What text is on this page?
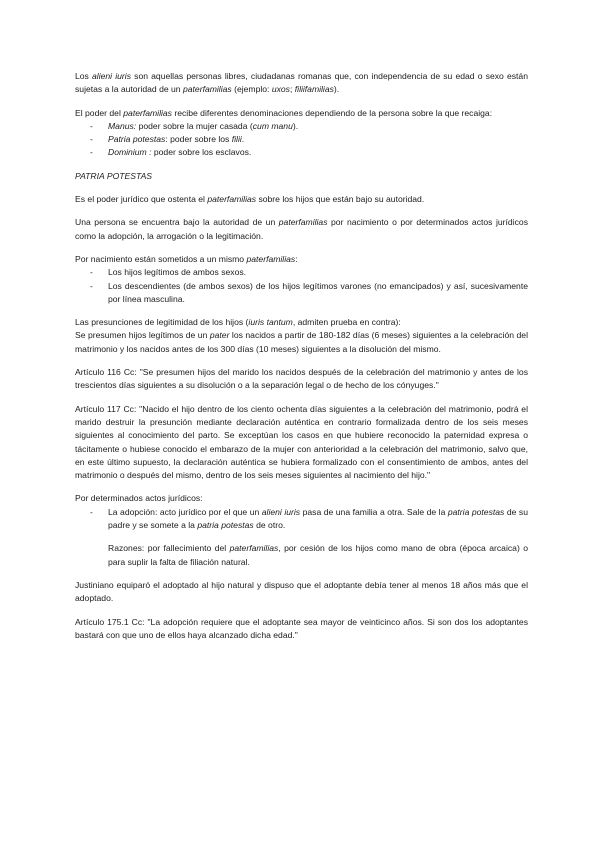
Los alieni iuris son aquellas personas libres, ciudadanas romanas que, con independencia de su edad o sexo están sujetas a la autoridad de un paterfamilias (ejemplo: uxos; filiifamilias).

El poder del paterfamilias recibe diferentes denominaciones dependiendo de la persona sobre la que recaiga:

- Manus: poder sobre la mujer casada (cum manu).
- Patria potestas: poder sobre los filii.
- Dominium : poder sobre los esclavos.

PATRIA POTESTAS

Es el poder jurídico que ostenta el paterfamilias sobre los hijos que están bajo su autoridad.

Una persona se encuentra bajo la autoridad de un paterfamilias por nacimiento o por determinados actos jurídicos como la adopción, la arrogación o la legitimación.

Por nacimiento están sometidos a un mismo paterfamilias:

- Los hijos legítimos de ambos sexos.
- Los descendientes (de ambos sexos) de los hijos legítimos varones (no emancipados) y así, sucesivamente por línea masculina.

Las presunciones de legitimidad de los hijos (iuris tantum, admiten prueba en contra):
Se presumen hijos legítimos de un pater los nacidos a partir de 180-182 días (6 meses) siguientes a la celebración del matrimonio y los nacidos antes de los 300 días (10 meses) siguientes a la disolución del mismo.

Artículo 116 Cc: "Se presumen hijos del marido los nacidos después de la celebración del matrimonio y antes de los trescientos días siguientes a su disolución o a la separación legal o de hecho de los cónyuges."

Artículo 117 Cc: "Nacido el hijo dentro de los ciento ochenta días siguientes a la celebración del matrimonio, podrá el marido destruir la presunción mediante declaración auténtica en contrario formalizada dentro de los seis meses siguientes al conocimiento del parto. Se exceptúan los casos en que hubiere reconocido la paternidad expresa o tácitamente o hubiese conocido el embarazo de la mujer con anterioridad a la celebración del matrimonio, salvo que, en este último supuesto, la declaración auténtica se hubiera formalizado con el consentimiento de ambos, antes del matrimonio o después del mismo, dentro de los seis meses siguientes al nacimiento del hijo."

Por determinados actos jurídicos:

- La adopción: acto jurídico por el que un alieni iuris pasa de una familia a otra. Sale de la patria potestas de su padre y se somete a la patria potestas de otro.

Razones: por fallecimiento del paterfamilias, por cesión de los hijos como mano de obra (época arcaica) o para suplir la falta de filiación natural.

Justiniano equiparó el adoptado al hijo natural y dispuso que el adoptante debía tener al menos 18 años más que el adoptado.

Artículo 175.1 Cc: "La adopción requiere que el adoptante sea mayor de veinticinco años. Si son dos los adoptantes bastará con que uno de ellos haya alcanzado dicha edad."
